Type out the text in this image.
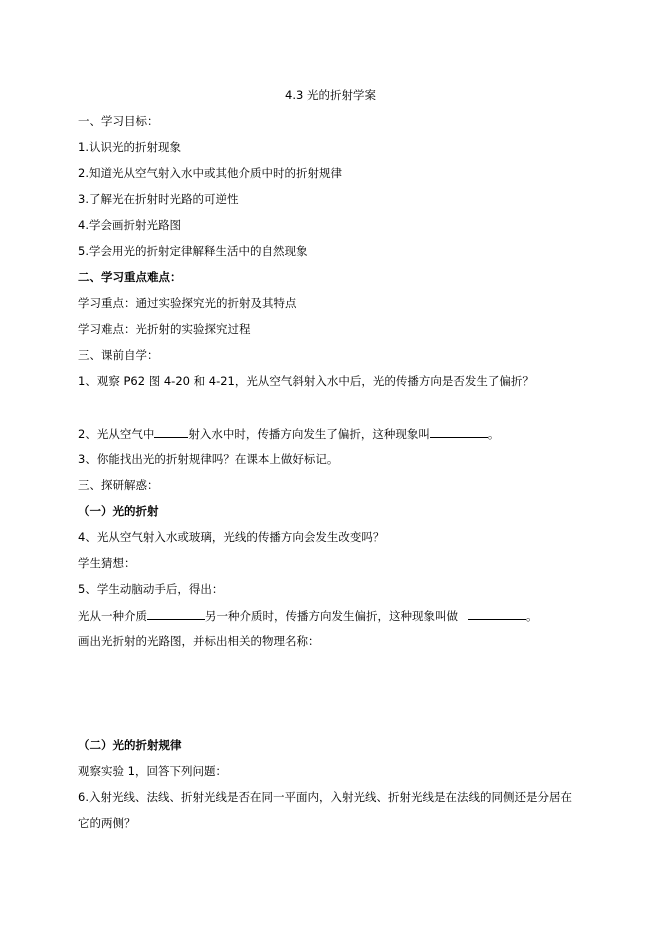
4.3 光的折射学案
一、学习目标：
1.认识光的折射现象
2.知道光从空气射入水中或其他介质中时的折射规律
3.了解光在折射时光路的可逆性
4.学会画折射光路图
5.学会用光的折射定律解释生活中的自然现象
二、学习重点难点：
学习重点：通过实验探究光的折射及其特点
学习难点：光折射的实验探究过程
三、课前自学：
1、观察 P62 图 4-20 和 4-21，光从空气斜射入水中后，光的传播方向是否发生了偏折？
2、光从空气中	射入水中时，传播方向发生了偏折，这种现象叫	。
3、你能找出光的折射规律吗？在课本上做好标记。
三、探研解惑：
（一）光的折射
4、光从空气射入水或玻璃，光线的传播方向会发生改变吗？
学生猜想：
5、学生动脑动手后，得出：
光从一种介质	另一种介质时，传播方向发生偏折，这种现象叫做	。
画出光折射的光路图，并标出相关的物理名称：
（二）光的折射规律
观察实验 1，回答下列问题：
6.入射光线、法线、折射光线是否在同一平面内，入射光线、折射光线是在法线的同侧还是分居在
它的两侧？
